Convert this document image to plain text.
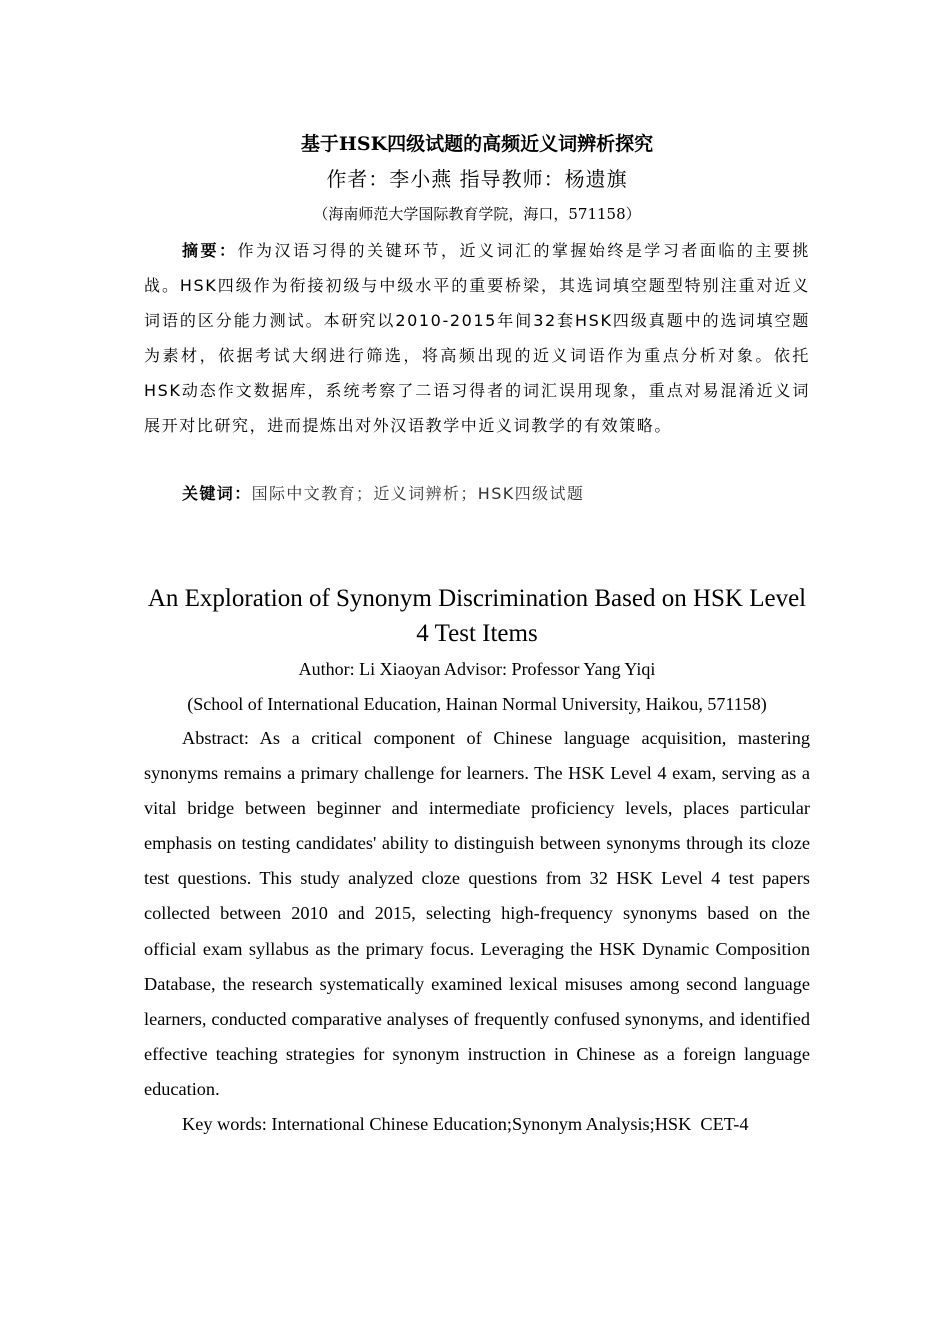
基于HSK四级试题的高频近义词辨析探究
作者：李小燕 指导教师：杨遗旗
（海南师范大学国际教育学院，海口，571158）

摘要：作为汉语习得的关键环节，近义词汇的掌握始终是学习者面临的主要挑战。HSK四级作为衔接初级与中级水平的重要桥梁，其选词填空题型特别注重对近义词语的区分能力测试。本研究以2010-2015年间32套HSK四级真题中的选词填空题为素材，依据考试大纲进行筛选，将高频出现的近义词语作为重点分析对象。依托HSK动态作文数据库，系统考察了二语习得者的词汇误用现象，重点对易混淆近义词展开对比研究，进而提炼出对外汉语教学中近义词教学的有效策略。

关键词：国际中文教育；近义词辨析；HSK四级试题

An Exploration of Synonym Discrimination Based on HSK Level 4 Test Items
Author: Li Xiaoyan Advisor: Professor Yang Yiqi
(School of International Education, Hainan Normal University, Haikou, 571158)

Abstract: As a critical component of Chinese language acquisition, mastering synonyms remains a primary challenge for learners. The HSK Level 4 exam, serving as a vital bridge between beginner and intermediate proficiency levels, places particular emphasis on testing candidates' ability to distinguish between synonyms through its cloze test questions. This study analyzed cloze questions from 32 HSK Level 4 test papers collected between 2010 and 2015, selecting high-frequency synonyms based on the official exam syllabus as the primary focus. Leveraging the HSK Dynamic Composition Database, the research systematically examined lexical misuses among second language learners, conducted comparative analyses of frequently confused synonyms, and identified effective teaching strategies for synonym instruction in Chinese as a foreign language education.

Key words: International Chinese Education;Synonym Analysis;HSK  CET-4
